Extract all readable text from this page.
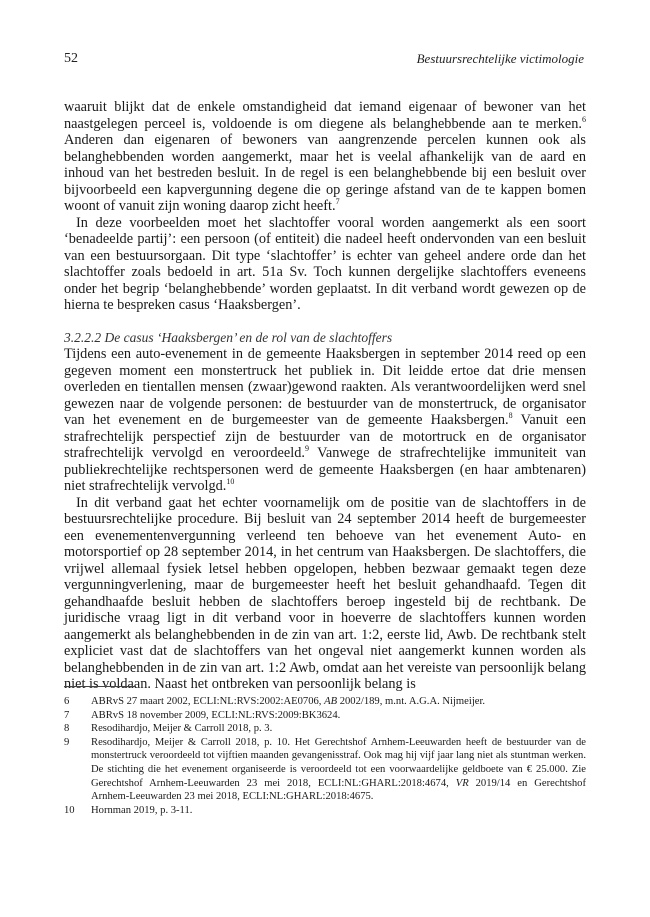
52	Bestuursrechtelijke victimologie

waaruit blijkt dat de enkele omstandigheid dat iemand eigenaar of bewoner van het naastgelegen perceel is, voldoende is om diegene als belanghebbende aan te merken.$^6$ Anderen dan eigenaren of bewoners van aangrenzende percelen kunnen ook als belanghebbenden worden aangemerkt, maar het is veelal afhankelijk van de aard en inhoud van het bestreden besluit. In de regel is een belanghebbende bij een besluit over bijvoorbeeld een kapvergunning degene die op geringe afstand van de te kappen bomen woont of vanuit zijn woning daarop zicht heeft.$^7$

In deze voorbeelden moet het slachtoffer vooral worden aangemerkt als een soort ‘benadeelde partij’: een persoon (of entiteit) die nadeel heeft ondervonden van een besluit van een bestuursorgaan. Dit type ‘slachtoffer’ is echter van geheel andere orde dan het slachtoffer zoals bedoeld in art. 51a Sv. Toch kunnen dergelijke slachtoffers eveneens onder het begrip ‘belanghebbende’ worden geplaatst. In dit verband wordt gewezen op de hierna te bespreken casus ‘Haaksbergen’.

3.2.2.2 De casus ‘Haaksbergen’ en de rol van de slachtoffers

Tijdens een auto-evenement in de gemeente Haaksbergen in september 2014 reed op een gegeven moment een monstertruck het publiek in. Dit leidde ertoe dat drie mensen overleden en tientallen mensen (zwaar)gewond raakten. Als verantwoordelijken werd snel gewezen naar de volgende personen: de bestuurder van de monstertruck, de organisator van het evenement en de burgemeester van de gemeente Haaksbergen.$^8$ Vanuit een strafrechtelijk perspectief zijn de bestuurder van de motortruck en de organisator strafrechtelijk vervolgd en veroordeeld.$^9$ Vanwege de strafrechtelijke immuniteit van publiekrechtelijke rechtspersonen werd de gemeente Haaksbergen (en haar ambtenaren) niet strafrechtelijk vervolgd.$^{10}$

In dit verband gaat het echter voornamelijk om de positie van de slachtoffers in de bestuursrechtelijke procedure. Bij besluit van 24 september 2014 heeft de burgemeester een evenementenvergunning verleend ten behoeve van het evenement Auto- en motorsportief op 28 september 2014, in het centrum van Haaksbergen. De slachtoffers, die vrijwel allemaal fysiek letsel hebben opgelopen, hebben bezwaar gemaakt tegen deze vergunningverlening, maar de burgemeester heeft het besluit gehandhaafd. Tegen dit gehandhaafde besluit hebben de slachtoffers beroep ingesteld bij de rechtbank. De juridische vraag ligt in dit verband voor in hoeverre de slachtoffers kunnen worden aangemerkt als belanghebbenden in de zin van art. 1:2, eerste lid, Awb. De rechtbank stelt expliciet vast dat de slachtoffers van het ongeval niet aangemerkt kunnen worden als belanghebbenden in de zin van art. 1:2 Awb, omdat aan het vereiste van persoonlijk belang niet is voldaan. Naast het ontbreken van persoonlijk belang is

6	ABRvS 27 maart 2002, ECLI:NL:RVS:2002:AE0706, AB 2002/189, m.nt. A.G.A. Nijmeijer.
7	ABRvS 18 november 2009, ECLI:NL:RVS:2009:BK3624.
8	Resodihardjo, Meijer & Carroll 2018, p. 3.
9	Resodihardjo, Meijer & Carroll 2018, p. 10. Het Gerechtshof Arnhem-Leeuwarden heeft de bestuurder van de monstertruck veroordeeld tot vijftien maanden gevangenisstraf. Ook mag hij vijf jaar lang niet als stuntman werken. De stichting die het evenement organiseerde is veroordeeld tot een voorwaardelijke geldboete van € 25.000. Zie Gerechtshof Arnhem-Leeuwarden 23 mei 2018, ECLI:NL:GHARL:2018:4674, VR 2019/14 en Gerechtshof Arnhem-Leeuwarden 23 mei 2018, ECLI:NL:GHARL:2018:4675.
10	Hornman 2019, p. 3-11.
